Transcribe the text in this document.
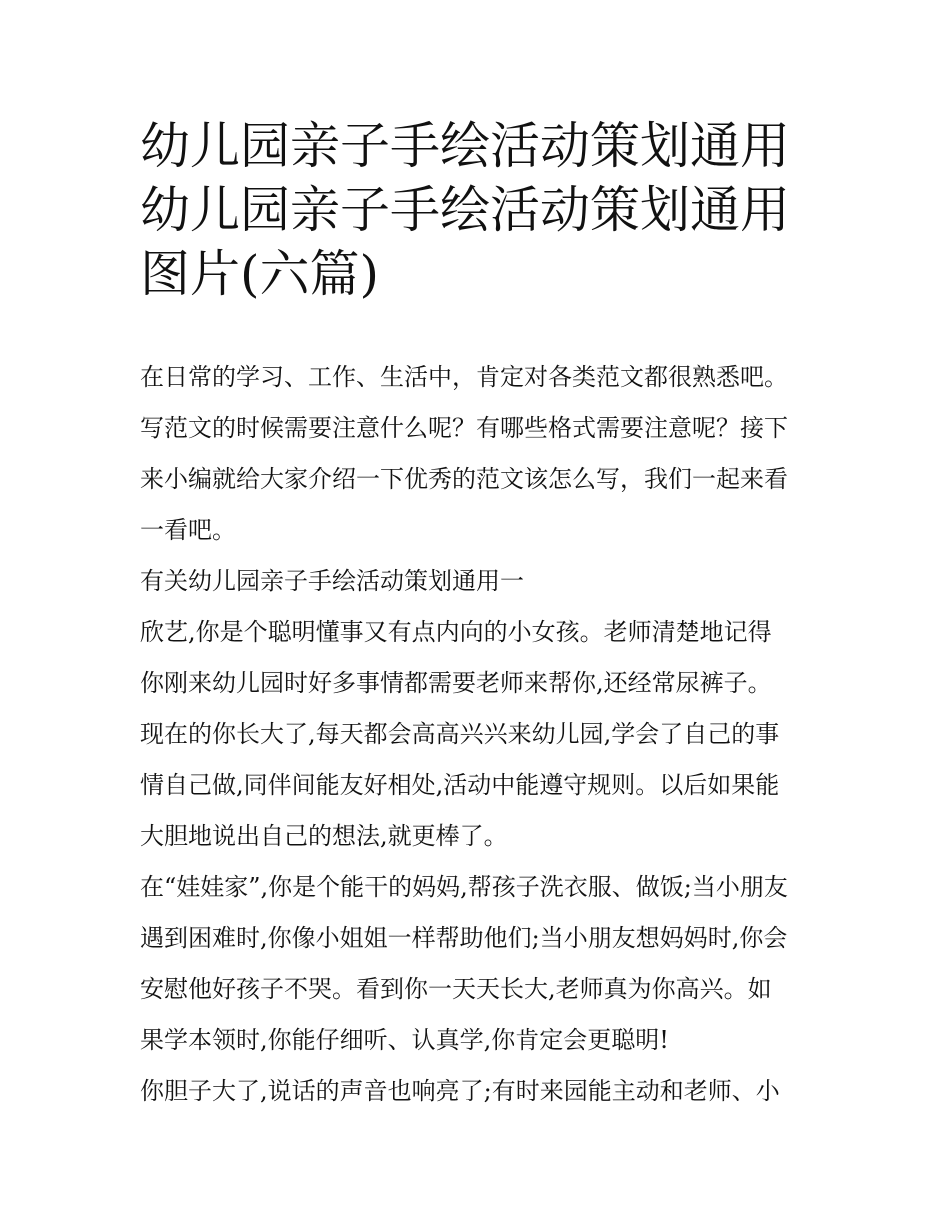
幼儿园亲子手绘活动策划通用
幼儿园亲子手绘活动策划通用
图片(六篇)
在日常的学习、工作、生活中，肯定对各类范文都很熟悉吧。
写范文的时候需要注意什么呢？有哪些格式需要注意呢？接下
来小编就给大家介绍一下优秀的范文该怎么写，我们一起来看
一看吧。
有关幼儿园亲子手绘活动策划通用一
欣艺,你是个聪明懂事又有点内向的小女孩。老师清楚地记得
你刚来幼儿园时好多事情都需要老师来帮你,还经常尿裤子。
现在的你长大了,每天都会高高兴兴来幼儿园,学会了自己的事
情自己做,同伴间能友好相处,活动中能遵守规则。以后如果能
大胆地说出自己的想法,就更棒了。
在“娃娃家”,你是个能干的妈妈,帮孩子洗衣服、做饭;当小朋友
遇到困难时,你像小姐姐一样帮助他们;当小朋友想妈妈时,你会
安慰他好孩子不哭。看到你一天天长大,老师真为你高兴。如
果学本领时,你能仔细听、认真学,你肯定会更聪明!
你胆子大了,说话的声音也响亮了;有时来园能主动和老师、小
